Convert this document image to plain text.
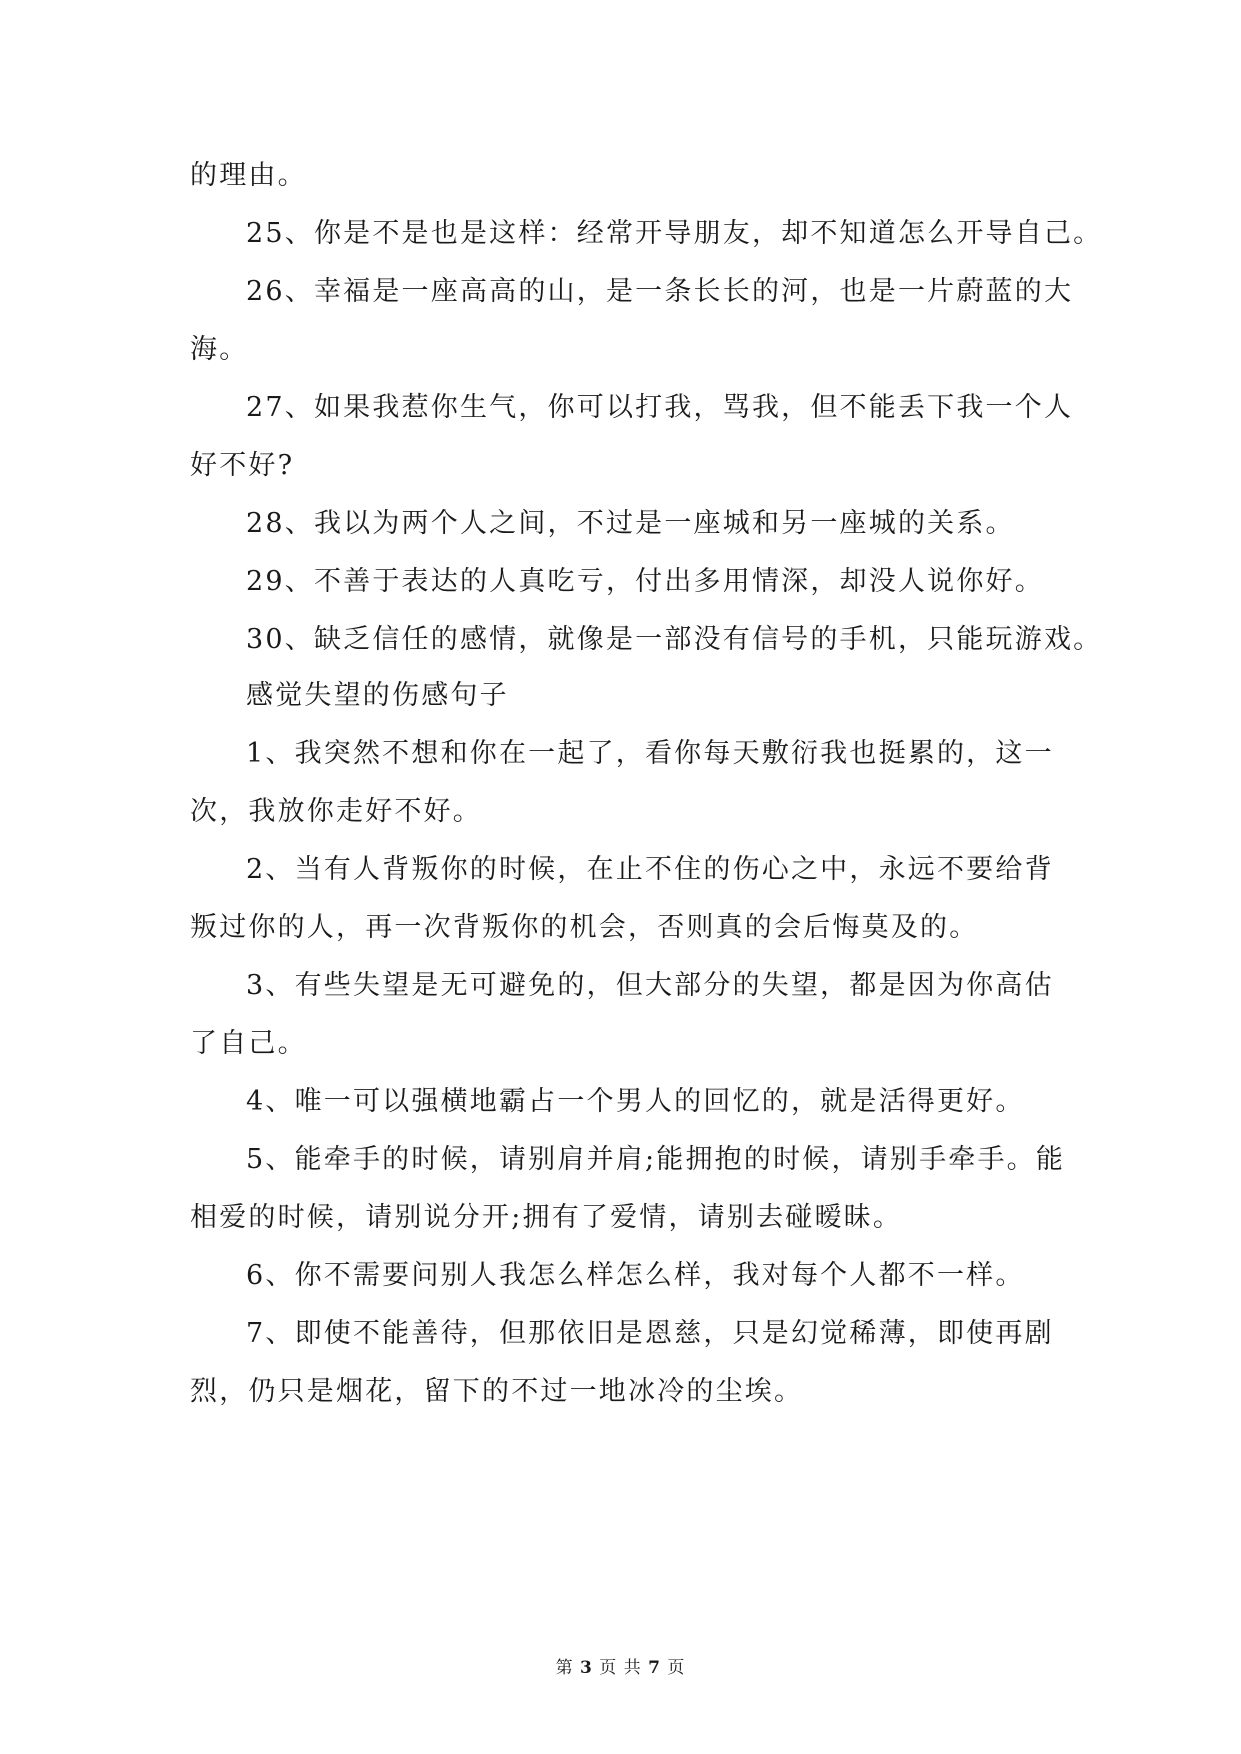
的理由。
25、你是不是也是这样：经常开导朋友，却不知道怎么开导自己。
26、幸福是一座高高的山，是一条长长的河，也是一片蔚蓝的大
海。
27、如果我惹你生气，你可以打我，骂我，但不能丢下我一个人
好不好?
28、我以为两个人之间，不过是一座城和另一座城的关系。
29、不善于表达的人真吃亏，付出多用情深，却没人说你好。
30、缺乏信任的感情，就像是一部没有信号的手机，只能玩游戏。
感觉失望的伤感句子
1、我突然不想和你在一起了，看你每天敷衍我也挺累的，这一
次，我放你走好不好。
2、当有人背叛你的时候，在止不住的伤心之中，永远不要给背
叛过你的人，再一次背叛你的机会，否则真的会后悔莫及的。
3、有些失望是无可避免的，但大部分的失望，都是因为你高估
了自己。
4、唯一可以强横地霸占一个男人的回忆的，就是活得更好。
5、能牵手的时候，请别肩并肩;能拥抱的时候，请别手牵手。能
相爱的时候，请别说分开;拥有了爱情，请别去碰暧昧。
6、你不需要问别人我怎么样怎么样，我对每个人都不一样。
7、即使不能善待，但那依旧是恩慈，只是幻觉稀薄，即使再剧
烈，仍只是烟花，留下的不过一地冰冷的尘埃。
第 3 页 共 7 页
